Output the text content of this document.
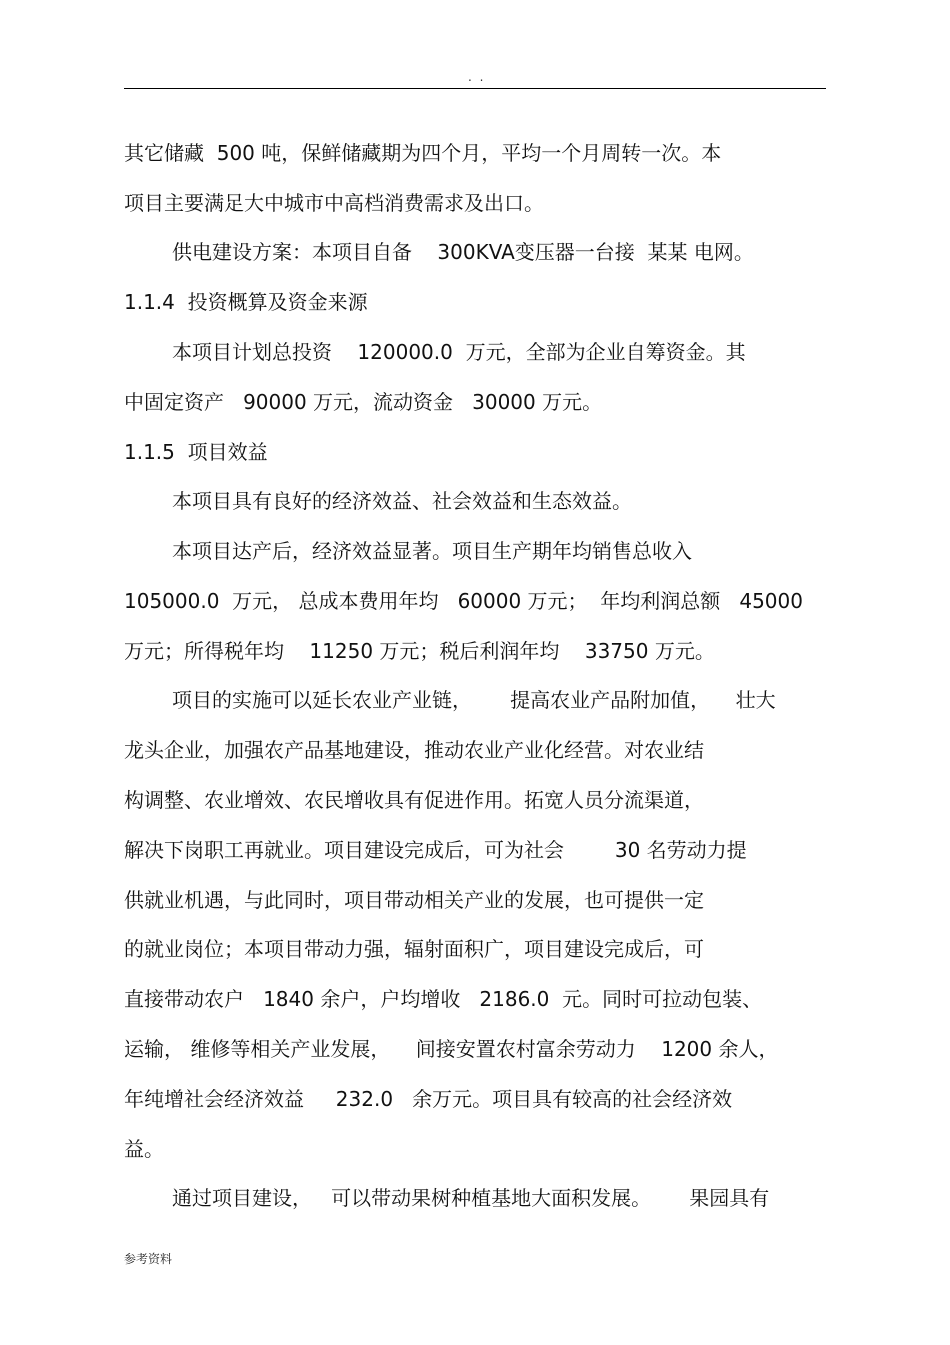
. .
其它储藏  500 吨，保鲜储藏期为四个月，平均一个月周转一次。本
项目主要满足大中城市中高档消费需求及出口。
供电建设方案：本项目自备    300KVA变压器一台接  某某 电网。
1.1.4  投资概算及资金来源
本项目计划总投资    120000.0  万元，全部为企业自筹资金。其
中固定资产   90000 万元，流动资金   30000 万元。
1.1.5  项目效益
本项目具有良好的经济效益、社会效益和生态效益。
本项目达产后，经济效益显著。项目生产期年均销售总收入
105000.0  万元， 总成本费用年均   60000 万元；  年均利润总额   45000
万元；所得税年均    11250 万元；税后利润年均    33750 万元。
项目的实施可以延长农业产业链，      提高农业产品附加值，    壮大
龙头企业，加强农产品基地建设，推动农业产业化经营。对农业结
构调整、农业增效、农民增收具有促进作用。拓宽人员分流渠道，
解决下岗职工再就业。项目建设完成后，可为社会        30 名劳动力提
供就业机遇，与此同时，项目带动相关产业的发展，也可提供一定
的就业岗位；本项目带动力强，辐射面积广，项目建设完成后，可
直接带动农户   1840 余户，户均增收   2186.0  元。同时可拉动包装、
运输， 维修等相关产业发展，    间接安置农村富余劳动力    1200 余人，
年纯增社会经济效益     232.0   余万元。项目具有较高的社会经济效
益。
通过项目建设，   可以带动果树种植基地大面积发展。      果园具有
参考资料
